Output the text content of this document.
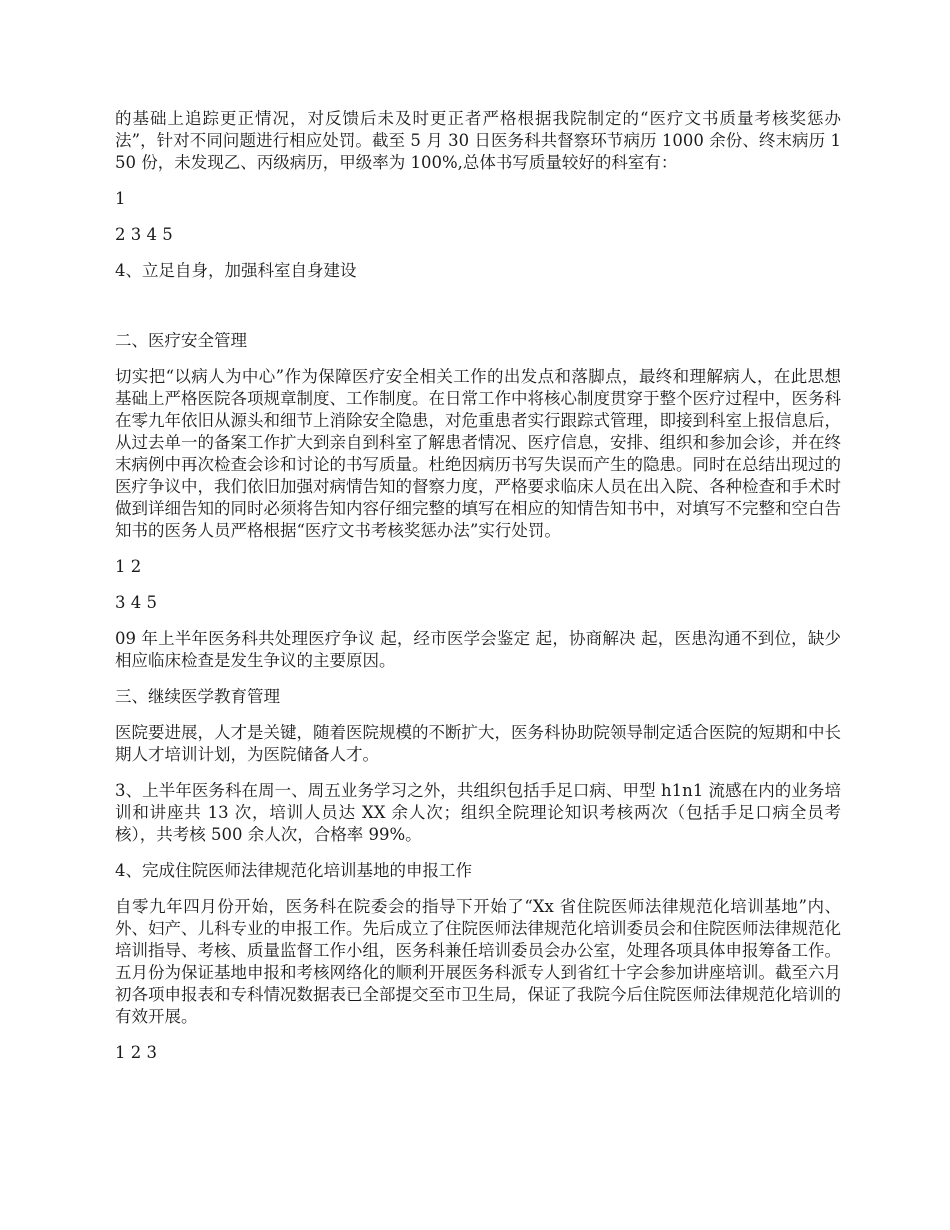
的基础上追踪更正情况，对反馈后未及时更正者严格根据我院制定的“医疗文书质量考核奖惩办法”，针对不同问题进行相应处罚。截至 5 月 30 日医务科共督察环节病历 1000 余份、终末病历 150 份，未发现乙、丙级病历，甲级率为 100%,总体书写质量较好的科室有：

1

2 3 4 5

4、立足自身，加强科室自身建设

二、医疗安全管理

切实把“以病人为中心”作为保障医疗安全相关工作的出发点和落脚点，最终和理解病人，在此思想基础上严格医院各项规章制度、工作制度。在日常工作中将核心制度贯穿于整个医疗过程中，医务科在零九年依旧从源头和细节上消除安全隐患，对危重患者实行跟踪式管理，即接到科室上报信息后，从过去单一的备案工作扩大到亲自到科室了解患者情况、医疗信息，安排、组织和参加会诊，并在终末病例中再次检查会诊和讨论的书写质量。杜绝因病历书写失误而产生的隐患。同时在总结出现过的医疗争议中，我们依旧加强对病情告知的督察力度，严格要求临床人员在出入院、各种检查和手术时做到详细告知的同时必须将告知内容仔细完整的填写在相应的知情告知书中，对填写不完整和空白告知书的医务人员严格根据“医疗文书考核奖惩办法”实行处罚。

1 2

3 4 5

09 年上半年医务科共处理医疗争议 起，经市医学会鉴定 起，协商解决 起，医患沟通不到位，缺少相应临床检查是发生争议的主要原因。

三、继续医学教育管理

医院要进展，人才是关键，随着医院规模的不断扩大，医务科协助院领导制定适合医院的短期和中长期人才培训计划，为医院储备人才。

3、上半年医务科在周一、周五业务学习之外，共组织包括手足口病、甲型 h1n1 流感在内的业务培训和讲座共 13 次，培训人员达 XX 余人次；组织全院理论知识考核两次（包括手足口病全员考核），共考核 500 余人次，合格率 99%。

4、完成住院医师法律规范化培训基地的申报工作

自零九年四月份开始，医务科在院委会的指导下开始了“Xx 省住院医师法律规范化培训基地”内、外、妇产、儿科专业的申报工作。先后成立了住院医师法律规范化培训委员会和住院医师法律规范化培训指导、考核、质量监督工作小组，医务科兼任培训委员会办公室，处理各项具体申报筹备工作。五月份为保证基地申报和考核网络化的顺利开展医务科派专人到省红十字会参加讲座培训。截至六月初各项申报表和专科情况数据表已全部提交至市卫生局，保证了我院今后住院医师法律规范化培训的有效开展。

1 2 3
